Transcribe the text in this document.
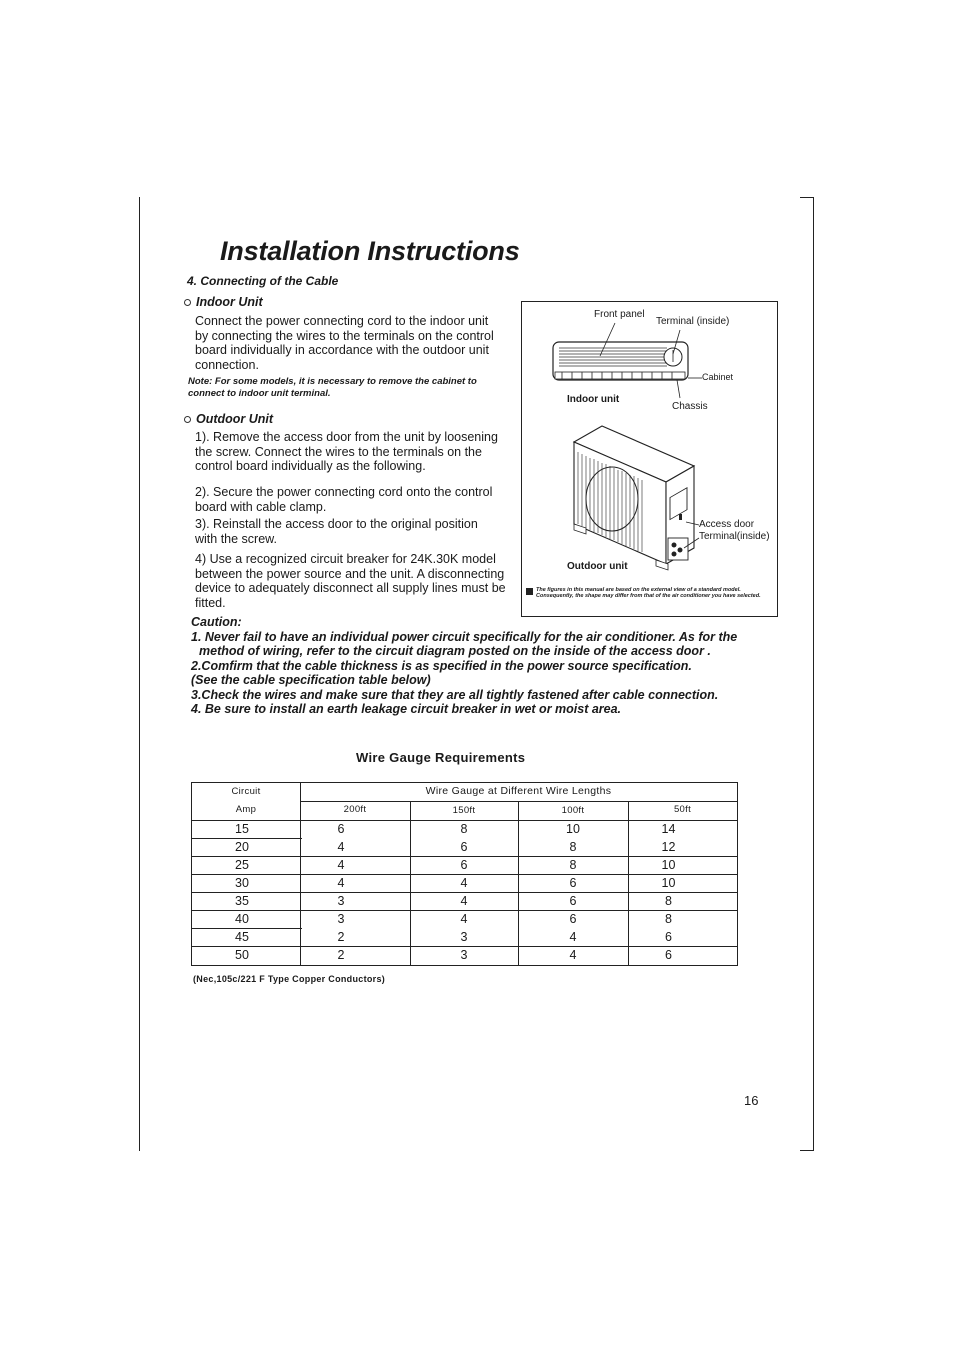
Installation Instructions
4. Connecting of the Cable
Indoor Unit
Connect the power connecting cord to the indoor unit
by connecting the wires to the terminals on the control
board individually in accordance with the outdoor unit
connection.
Note: For some models, it is necessary to remove the cabinet to
connect to indoor unit terminal.
Outdoor Unit
1). Remove the access door from the unit by loosening
the screw. Connect the wires to the terminals on the
control board individually as the following.
2). Secure the power connecting cord onto the control
board with cable clamp.
3). Reinstall the access door to the original position
with the screw.
4) Use a recognized circuit breaker for 24K.30K model
between the power source and the unit. A disconnecting
device to adequately disconnect all supply lines must be
fitted.
Front panel
Terminal (inside)
Cabinet
Indoor unit
Chassis
Access door
Terminal(inside)
Outdoor unit
The figures in this manual are based on the external view of a standard model.
Consequently, the shape may differ from that of the air conditioner you have selected.
Caution:
1. Never fail to have an individual power circuit specifically for the air conditioner. As for the
method of wiring, refer to the circuit diagram posted on the inside of the access door .
2.Comfirm that the cable thickness is as specified in the power source specification.
(See the cable specification table below)
3.Check the wires and make sure that they are all tightly fastened after cable connection.
4. Be sure to install an earth leakage circuit breaker in wet or moist area.
Wire Gauge Requirements
Circuit
Amp
Wire Gauge at Different Wire Lengths
200ft	150ft	100ft	50ft
15	6	8	10	14
20	4	6	8	12
25	4	6	8	10
30	4	4	6	10
35	3	4	6	8
40	3	4	6	8
45	2	3	4	6
50	2	3	4	6
(Nec,105c/221 F Type Copper Conductors)
16
